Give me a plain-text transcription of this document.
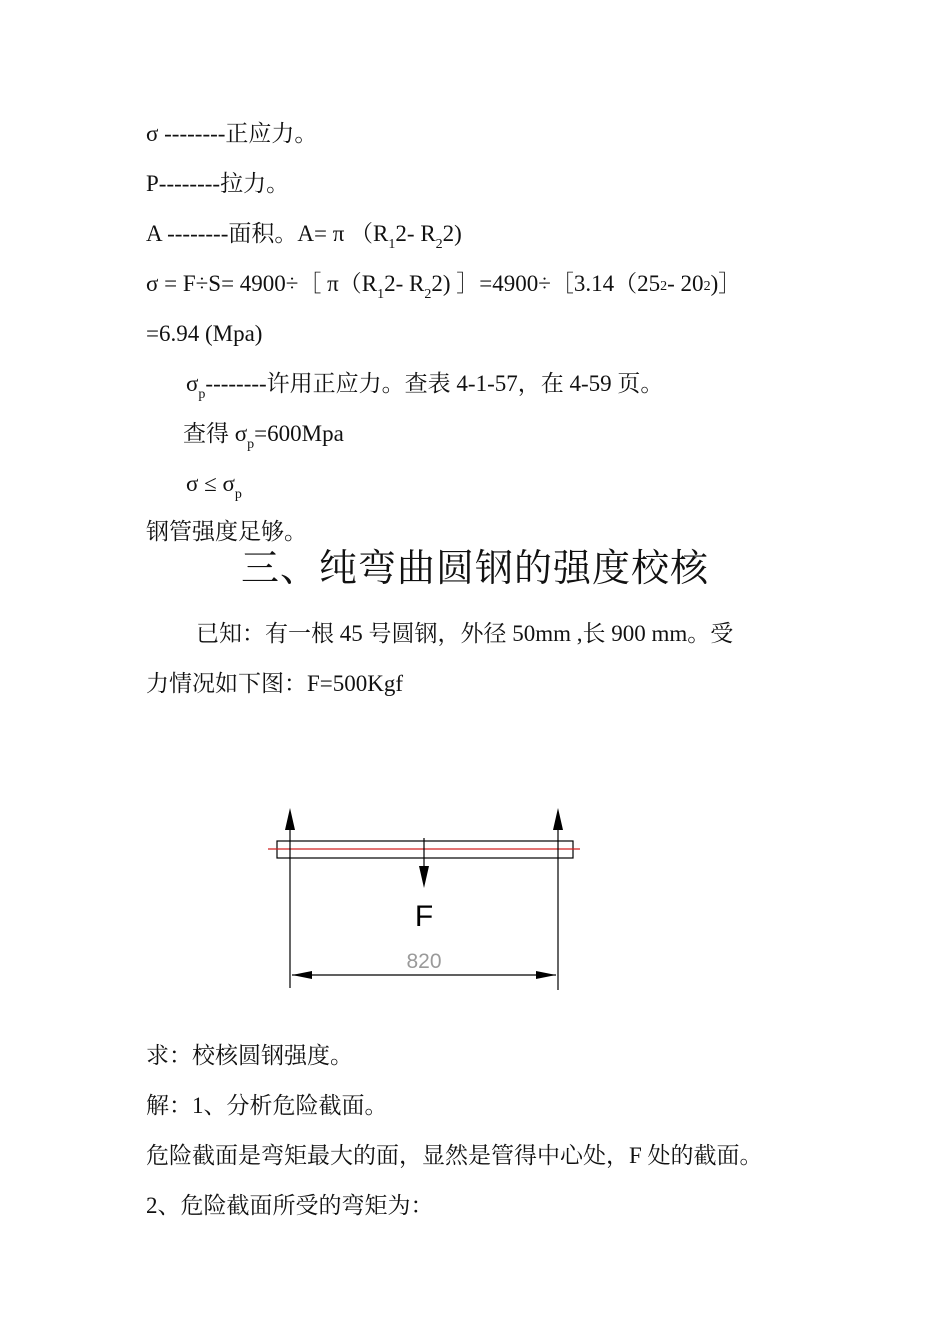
σ --------正应力。
P--------拉力。
A --------面积。A= π （$R_12-$ $R_22$)
σ = F÷S= 4900÷［ $\pi(R_12-$ $R_22$) ］=4900÷［3.14（252- 202)］
=6.94 (Mpa)
$\sigma_p--------$许用正应力。查表 4-1-57，在 4-59 页。
查得 $\sigma_p=600Mpa$
$\sigma \le \sigma_p$
钢管强度足够。
三、纯弯曲圆钢的强度校核
已知：有一根 45 号圆钢，外径 50mm ,长 900 mm。受
力情况如下图：F=500Kgf
F
820
求：校核圆钢强度。
解：1、分析危险截面。
危险截面是弯矩最大的面，显然是管得中心处，F 处的截面。
2、危险截面所受的弯矩为：
